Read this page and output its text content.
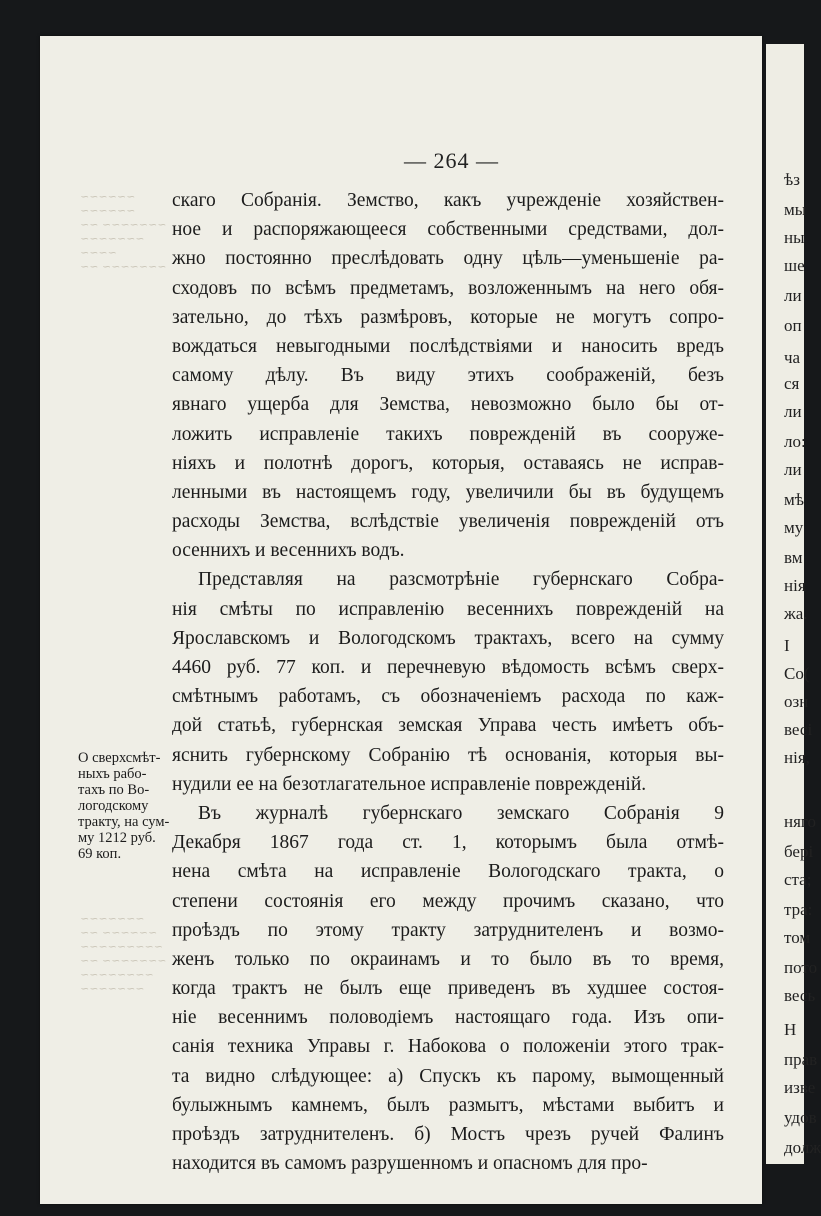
~~~~~~ ~~~~~~
~~~~~~~ ~~
~~~~~~~ ~~~~
~~~~~~~ ~~
~~~~~~~
~~~~~~ ~~
~~~~~~~~~
~~~~~~~ ~~
~~~~~~~~
~~~~~~~
— 264 —
скаго Собранія. Земство, какъ учрежденіе хозяйствен-
ное и распоряжающееся собственными средствами, дол-
жно постоянно преслѣдовать одну цѣль—уменьшеніе ра-
сходовъ по всѣмъ предметамъ, возложеннымъ на него обя-
зательно, до тѣхъ размѣровъ, которые не могутъ сопро-
вождаться невыгодными послѣдствіями и наносить вредъ
самому дѣлу. Въ виду этихъ соображеній, безъ
явнаго ущерба для Земства, невозможно было бы от-
ложить исправленіе такихъ поврежденій въ сооруже-
ніяхъ и полотнѣ дорогъ, которыя, оставаясь не исправ-
ленными въ настоящемъ году, увеличили бы въ будущемъ
расходы Земства, вслѣдствіе увеличенія поврежденій отъ
осеннихъ и весеннихъ водъ.
Представляя на разсмотрѣніе губернскаго Собра-
нія смѣты по исправленію весеннихъ поврежденій на
Ярославскомъ и Вологодскомъ трактахъ, всего на сумму
4460 руб. 77 коп. и перечневую вѣдомость всѣмъ сверх-
смѣтнымъ работамъ, съ обозначеніемъ расхода по каж-
дой статьѣ, губернская земская Управа честь имѣетъ объ-
яснить губернскому Собранію тѣ основанія, которыя вы-
нудили ее на безотлагательное исправленіе поврежденій.
Въ журналѣ губернскаго земскаго Собранія 9
Декабря 1867 года ст. 1, которымъ была отмѣ-
нена смѣта на исправленіе Вологодскаго тракта, о
степени состоянія его между прочимъ сказано, что
проѣздъ по этому тракту затруднителенъ и возмо-
женъ только по окраинамъ и то было въ то время,
когда трактъ не былъ еще приведенъ въ худшее состоя-
ніе весеннимъ половодіемъ настоящаго года. Изъ опи-
санія техника Управы г. Набокова о положеніи этого трак-
та видно слѣдующее: а) Спускъ къ парому, вымощенный
булыжнымъ камнемъ, былъ размытъ, мѣстами выбитъ и
проѣздъ затруднителенъ. б) Мостъ чрезъ ручей Фалинъ
находится въ самомъ разрушенномъ и опасномъ для про-
О сверхсмѣт-
ныхъ рабо-
тахъ по Во-
логодскому
тракту, на сум-
му 1212 руб.
69 коп.
ѣз
мы
ны
ше
ли
оп
ча
ся
ли
ло:
ли
мѣ
му
вм
нія
жа.
I
Со(
озн
весі
нія,
няго
бері
ста;
тра:
том
пото
весь
Н
прав
изве
удов
долж
